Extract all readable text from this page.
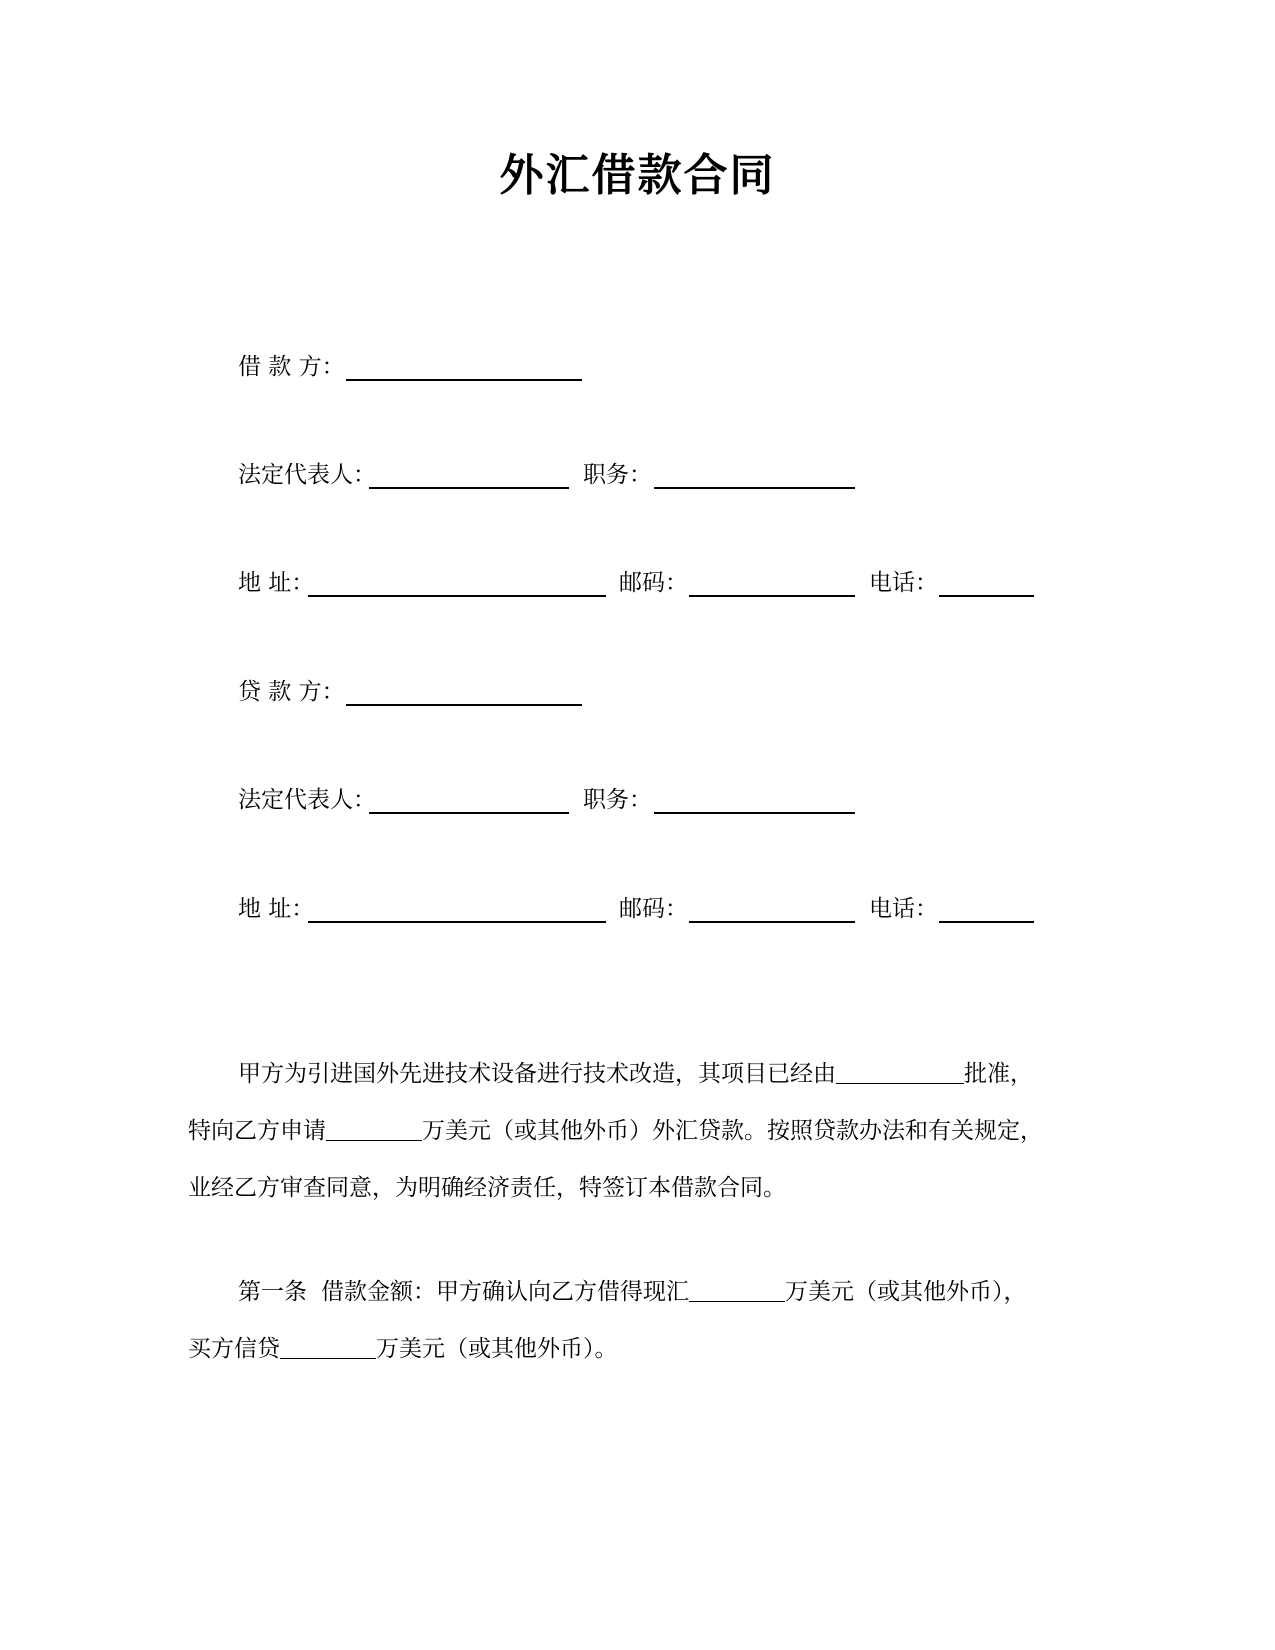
外汇借款合同
借 款 方：
法定代表人：	职务：
地 址：	邮码：	电话：
贷 款 方：
法定代表人：	职务：
地 址：	邮码：	电话：
甲方为引进国外先进技术设备进行技术改造，其项目已经由	批准，
特向乙方申请	万美元（或其他外币）外汇贷款。按照贷款办法和有关规定，
业经乙方审查同意，为明确经济责任，特签订本借款合同。
第一条 借款金额：甲方确认向乙方借得现汇	万美元（或其他外币），
买方信贷	万美元（或其他外币）。
